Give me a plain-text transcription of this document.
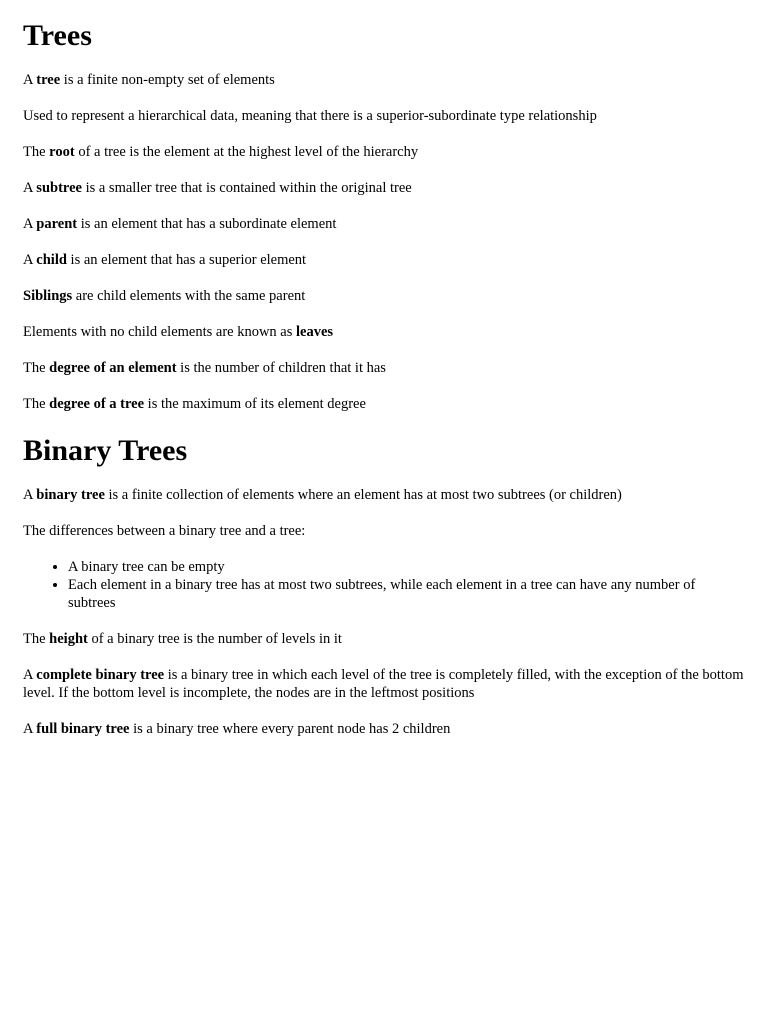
Trees

A tree is a finite non-empty set of elements

Used to represent a hierarchical data, meaning that there is a superior-subordinate type relationship

The root of a tree is the element at the highest level of the hierarchy

A subtree is a smaller tree that is contained within the original tree

A parent is an element that has a subordinate element

A child is an element that has a superior element

Siblings are child elements with the same parent

Elements with no child elements are known as leaves

The degree of an element is the number of children that it has

The degree of a tree is the maximum of its element degree

Binary Trees

A binary tree is a finite collection of elements where an element has at most two subtrees (or children)

The differences between a binary tree and a tree:

• A binary tree can be empty
• Each element in a binary tree has at most two subtrees, while each element in a tree can have any number of subtrees

The height of a binary tree is the number of levels in it

A complete binary tree is a binary tree in which each level of the tree is completely filled, with the exception of the bottom level. If the bottom level is incomplete, the nodes are in the leftmost positions

A full binary tree is a binary tree where every parent node has 2 children
